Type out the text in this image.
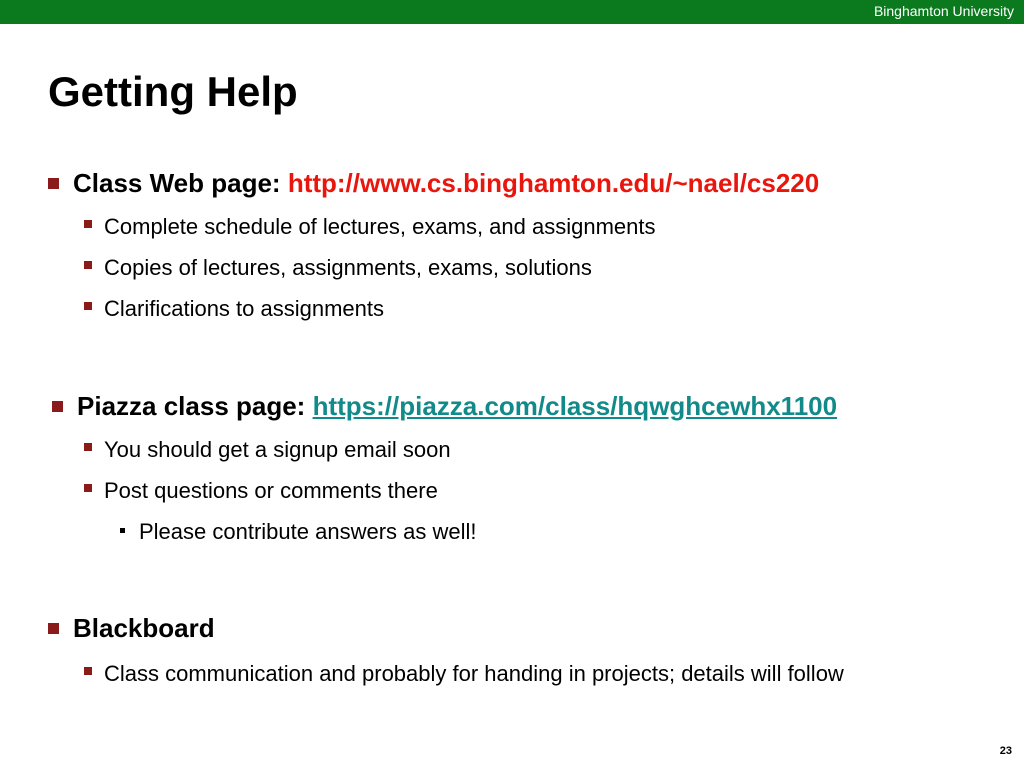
Binghamton University
Getting Help
Class Web page: http://www.cs.binghamton.edu/~nael/cs220
Complete schedule of lectures, exams, and assignments
Copies of lectures, assignments, exams, solutions
Clarifications to assignments
Piazza class page: https://piazza.com/class/hqwghcewhx1100
You should get a signup email soon
Post questions or comments there
Please contribute answers as well!
Blackboard
Class communication and probably for handing in projects; details will follow
23
